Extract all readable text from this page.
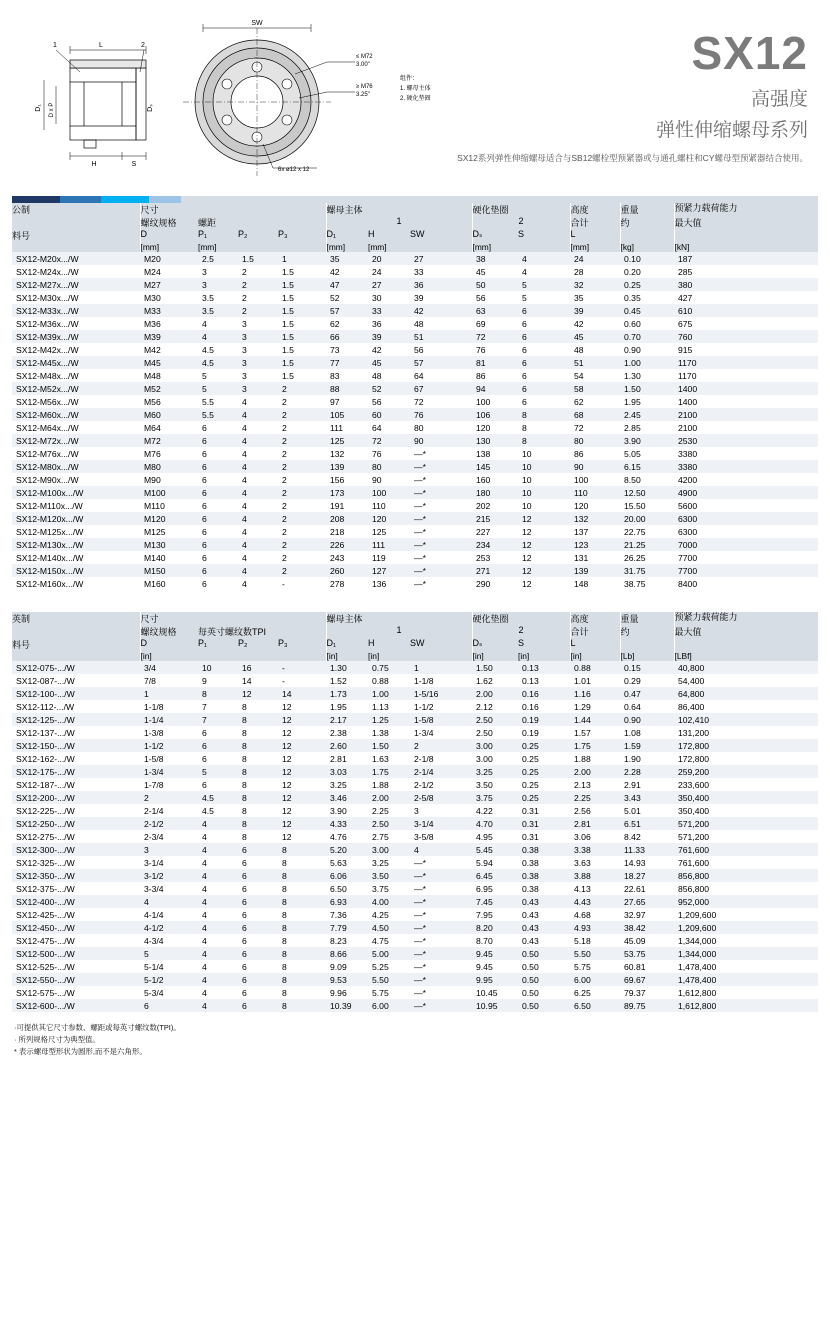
1	2
L
H	S
D₁ D x P	Dₛ
SW
≤ M72
3.00"
≥ M76
3.25"
6x ø12 x 12
组件：
1. 螺母主体
2. 硬化垫圈
SX12
高强度
弹性伸缩螺母系列
SX12系列弹性伸缩螺母适合与SB12螺栓型预紧器或与通孔螺柱和CY螺母型预紧器结合使用。
公制	尺寸				螺母主体			硬化垫圈		高度	重量	预紧力载荷能力
	螺纹规格	螺距			1			2		合计	约	最大值
料号	D	P₁	P₂	P₃	D₁	H	SW	Dₛ	S	L		
	[mm]	[mm]			[mm]	[mm]		[mm]		[mm]	[kg]	[kN]
SX12-M20x.../W	M20	2.5	1.5	1	35	20	27	38	4	24	0.10	187
SX12-M24x.../W	M24	3	2	1.5	42	24	33	45	4	28	0.20	285
SX12-M27x.../W	M27	3	2	1.5	47	27	36	50	5	32	0.25	380
SX12-M30x.../W	M30	3.5	2	1.5	52	30	39	56	5	35	0.35	427
SX12-M33x.../W	M33	3.5	2	1.5	57	33	42	63	6	39	0.45	610
SX12-M36x.../W	M36	4	3	1.5	62	36	48	69	6	42	0.60	675
SX12-M39x.../W	M39	4	3	1.5	66	39	51	72	6	45	0.70	760
SX12-M42x.../W	M42	4.5	3	1.5	73	42	56	76	6	48	0.90	915
SX12-M45x.../W	M45	4.5	3	1.5	77	45	57	81	6	51	1.00	1170
SX12-M48x.../W	M48	5	3	1.5	83	48	64	86	6	54	1.30	1170
SX12-M52x.../W	M52	5	3	2	88	52	67	94	6	58	1.50	1400
SX12-M56x.../W	M56	5.5	4	2	97	56	72	100	6	62	1.95	1400
SX12-M60x.../W	M60	5.5	4	2	105	60	76	106	8	68	2.45	2100
SX12-M64x.../W	M64	6	4	2	111	64	80	120	8	72	2.85	2100
SX12-M72x.../W	M72	6	4	2	125	72	90	130	8	80	3.90	2530
SX12-M76x.../W	M76	6	4	2	132	76	—*	138	10	86	5.05	3380
SX12-M80x.../W	M80	6	4	2	139	80	—*	145	10	90	6.15	3380
SX12-M90x.../W	M90	6	4	2	156	90	—*	160	10	100	8.50	4200
SX12-M100x.../W	M100	6	4	2	173	100	—*	180	10	110	12.50	4900
SX12-M110x.../W	M110	6	4	2	191	110	—*	202	10	120	15.50	5600
SX12-M120x.../W	M120	6	4	2	208	120	—*	215	12	132	20.00	6300
SX12-M125x.../W	M125	6	4	2	218	125	—*	227	12	137	22.75	6300
SX12-M130x.../W	M130	6	4	2	226	111	—*	234	12	123	21.25	7000
SX12-M140x.../W	M140	6	4	2	243	119	—*	253	12	131	26.25	7700
SX12-M150x.../W	M150	6	4	2	260	127	—*	271	12	139	31.75	7700
SX12-M160x.../W	M160	6	4	-	278	136	—*	290	12	148	38.75	8400
英制	尺寸				螺母主体			硬化垫圈		高度	重量	预紧力载荷能力
	螺纹规格	每英寸螺纹数TPI			1			2		合计	约	最大值
料号	D	P₁	P₂	P₃	D₁	H	SW	Dₛ	S	L		
	[in]				[in]	[in]		[in]	[in]	[in]	[Lb]	[LBf]
SX12-075-.../W	3/4	10	16	-	1.30	0.75	1	1.50	0.13	0.88	0.15	40,800
SX12-087-.../W	7/8	9	14	-	1.52	0.88	1-1/8	1.62	0.13	1.01	0.29	54,400
SX12-100-.../W	1	8	12	14	1.73	1.00	1-5/16	2.00	0.16	1.16	0.47	64,800
SX12-112-.../W	1-1/8	7	8	12	1.95	1.13	1-1/2	2.12	0.16	1.29	0.64	86,400
SX12-125-.../W	1-1/4	7	8	12	2.17	1.25	1-5/8	2.50	0.19	1.44	0.90	102,410
SX12-137-.../W	1-3/8	6	8	12	2.38	1.38	1-3/4	2.50	0.19	1.57	1.08	131,200
SX12-150-.../W	1-1/2	6	8	12	2.60	1.50	2	3.00	0.25	1.75	1.59	172,800
SX12-162-.../W	1-5/8	6	8	12	2.81	1.63	2-1/8	3.00	0.25	1.88	1.90	172,800
SX12-175-.../W	1-3/4	5	8	12	3.03	1.75	2-1/4	3.25	0.25	2.00	2.28	259,200
SX12-187-.../W	1-7/8	6	8	12	3.25	1.88	2-1/2	3.50	0.25	2.13	2.91	233,600
SX12-200-.../W	2	4.5	8	12	3.46	2.00	2-5/8	3.75	0.25	2.25	3.43	350,400
SX12-225-.../W	2-1/4	4.5	8	12	3.90	2.25	3	4.22	0.31	2.56	5.01	350,400
SX12-250-.../W	2-1/2	4	8	12	4.33	2.50	3-1/4	4.70	0.31	2.81	6.51	571,200
SX12-275-.../W	2-3/4	4	8	12	4.76	2.75	3-5/8	4.95	0.31	3.06	8.42	571,200
SX12-300-.../W	3	4	6	8	5.20	3.00	4	5.45	0.38	3.38	11.33	761,600
SX12-325-.../W	3-1/4	4	6	8	5.63	3.25	—*	5.94	0.38	3.63	14.93	761,600
SX12-350-.../W	3-1/2	4	6	8	6.06	3.50	—*	6.45	0.38	3.88	18.27	856,800
SX12-375-.../W	3-3/4	4	6	8	6.50	3.75	—*	6.95	0.38	4.13	22.61	856,800
SX12-400-.../W	4	4	6	8	6.93	4.00	—*	7.45	0.43	4.43	27.65	952,000
SX12-425-.../W	4-1/4	4	6	8	7.36	4.25	—*	7.95	0.43	4.68	32.97	1,209,600
SX12-450-.../W	4-1/2	4	6	8	7.79	4.50	—*	8.20	0.43	4.93	38.42	1,209,600
SX12-475-.../W	4-3/4	4	6	8	8.23	4.75	—*	8.70	0.43	5.18	45.09	1,344,000
SX12-500-.../W	5	4	6	8	8.66	5.00	—*	9.45	0.50	5.50	53.75	1,344,000
SX12-525-.../W	5-1/4	4	6	8	9.09	5.25	—*	9.45	0.50	5.75	60.81	1,478,400
SX12-550-.../W	5-1/2	4	6	8	9.53	5.50	—*	9.95	0.50	6.00	69.67	1,478,400
SX12-575-.../W	5-3/4	4	6	8	9.96	5.75	—*	10.45	0.50	6.25	79.37	1,612,800
SX12-600-.../W	6	4	6	8	10.39	6.00	—*	10.95	0.50	6.50	89.75	1,612,800
·可提供其它尺寸参数、螺距或每英寸螺纹数(TPI)。
· 所列规格尺寸为典型值。
* 表示螺母型形状为圆形,而不是六角形。
